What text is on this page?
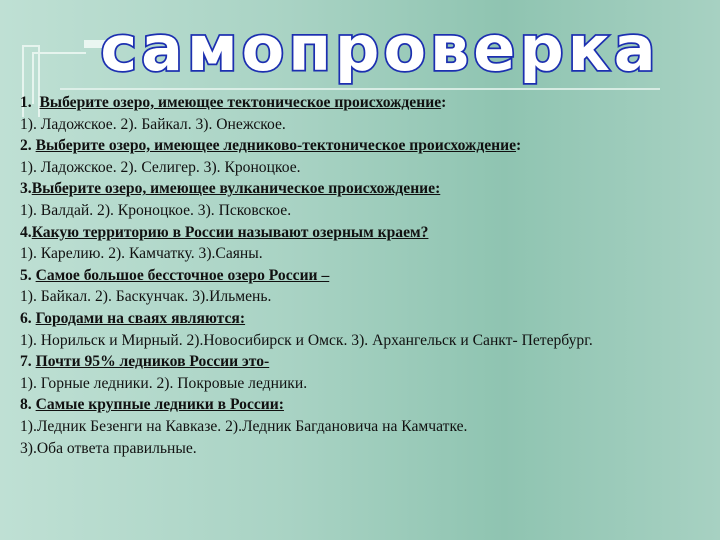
самопроверка
1. Выберите озеро, имеющее тектоническое происхождение:
1). Ладожское. 2). Байкал. 3). Онежское.
2. Выберите озеро, имеющее ледниково-тектоническое происхождение:
1). Ладожское. 2). Селигер. 3). Кроноцкое.
3.Выберите озеро, имеющее вулканическое происхождение:
1). Валдай. 2). Кроноцкое. 3). Псковское.
4.Какую территорию в России называют озерным краем?
1). Карелию. 2). Камчатку. 3).Саяны.
5. Самое большое бессточное озеро России –
1). Байкал. 2). Баскунчак. 3).Ильмень.
6. Городами на сваях являются:
1). Норильск и Мирный. 2).Новосибирск и Омск. 3). Архангельск и Санкт- Петербург.
7. Почти 95% ледников России это-
1). Горные ледники. 2). Покровые ледники.
8. Самые крупные ледники в России:
1).Ледник Безенги на Кавказе. 2).Ледник Багдановича на Камчатке.
3).Оба ответа правильные.
